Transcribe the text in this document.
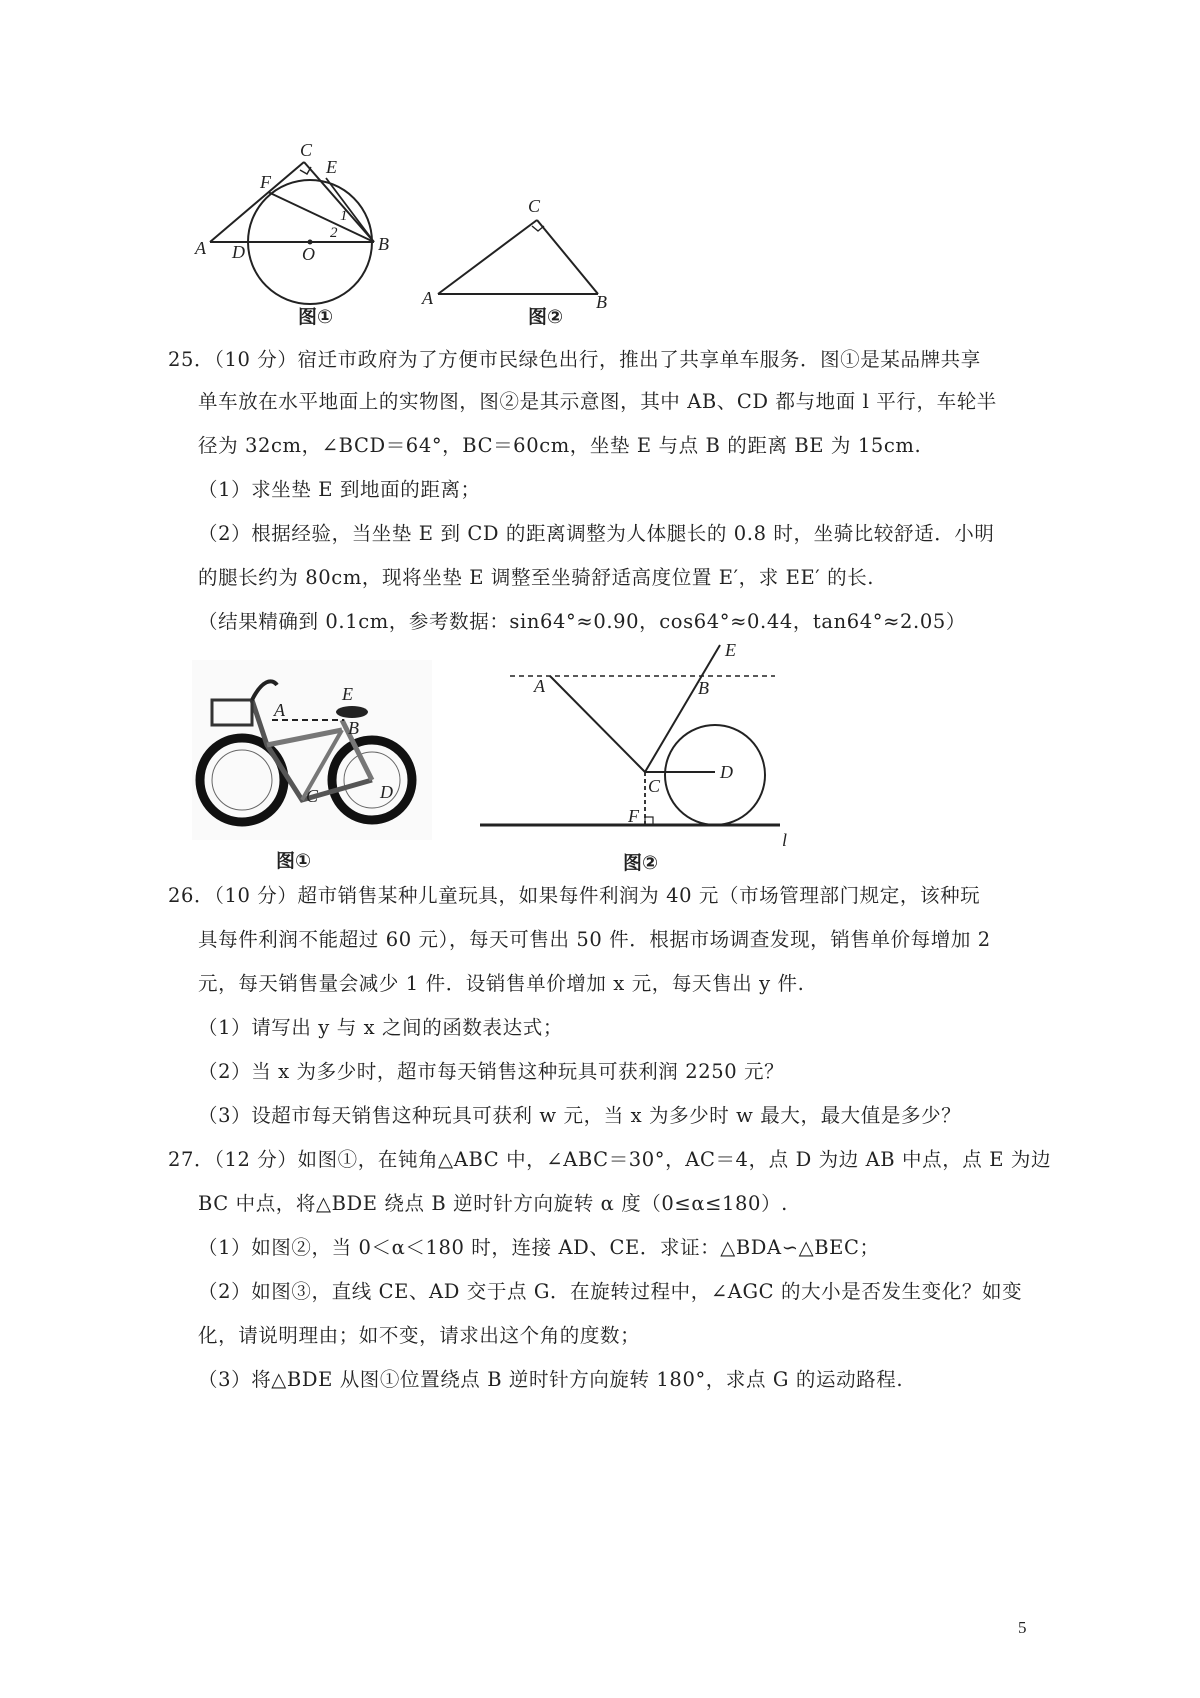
C
E
F
A D	O	B
1
2
图①
C
A	B
图②
25．（10 分）宿迁市政府为了方便市民绿色出行，推出了共享单车服务．图①是某品牌共享
单车放在水平地面上的实物图，图②是其示意图，其中 AB、CD 都与地面 l 平行，车轮半
径为 32cm，∠BCD＝64°，BC＝60cm，坐垫 E 与点 B 的距离 BE 为 15cm.
（1）求坐垫 E 到地面的距离；
（2）根据经验，当坐垫 E 到 CD 的距离调整为人体腿长的 0.8 时，坐骑比较舒适．小明
的腿长约为 80cm，现将坐垫 E 调整至坐骑舒适高度位置 E′，求 EE′ 的长.
（结果精确到 0.1cm，参考数据：sin64°≈0.90，cos64°≈0.44，tan64°≈2.05）
A
E
B
C	D
图①
E
A	B
C
D
F
l
图②
26．（10 分）超市销售某种儿童玩具，如果每件利润为 40 元（市场管理部门规定，该种玩
具每件利润不能超过 60 元），每天可售出 50 件．根据市场调查发现，销售单价每增加 2
元，每天销售量会减少 1 件．设销售单价增加 x 元，每天售出 y 件.
（1）请写出 y 与 x 之间的函数表达式；
（2）当 x 为多少时，超市每天销售这种玩具可获利润 2250 元？
（3）设超市每天销售这种玩具可获利 w 元，当 x 为多少时 w 最大，最大值是多少？
27．（12 分）如图①，在钝角△ABC 中，∠ABC＝30°，AC＝4，点 D 为边 AB 中点，点 E 为边
BC 中点，将△BDE 绕点 B 逆时针方向旋转 α 度（0≤α≤180）.
（1）如图②，当 0＜α＜180 时，连接 AD、CE．求证：△BDA∽△BEC；
（2）如图③，直线 CE、AD 交于点 G．在旋转过程中，∠AGC 的大小是否发生变化？如变
化，请说明理由；如不变，请求出这个角的度数；
（3）将△BDE 从图①位置绕点 B 逆时针方向旋转 180°，求点 G 的运动路程.
5
